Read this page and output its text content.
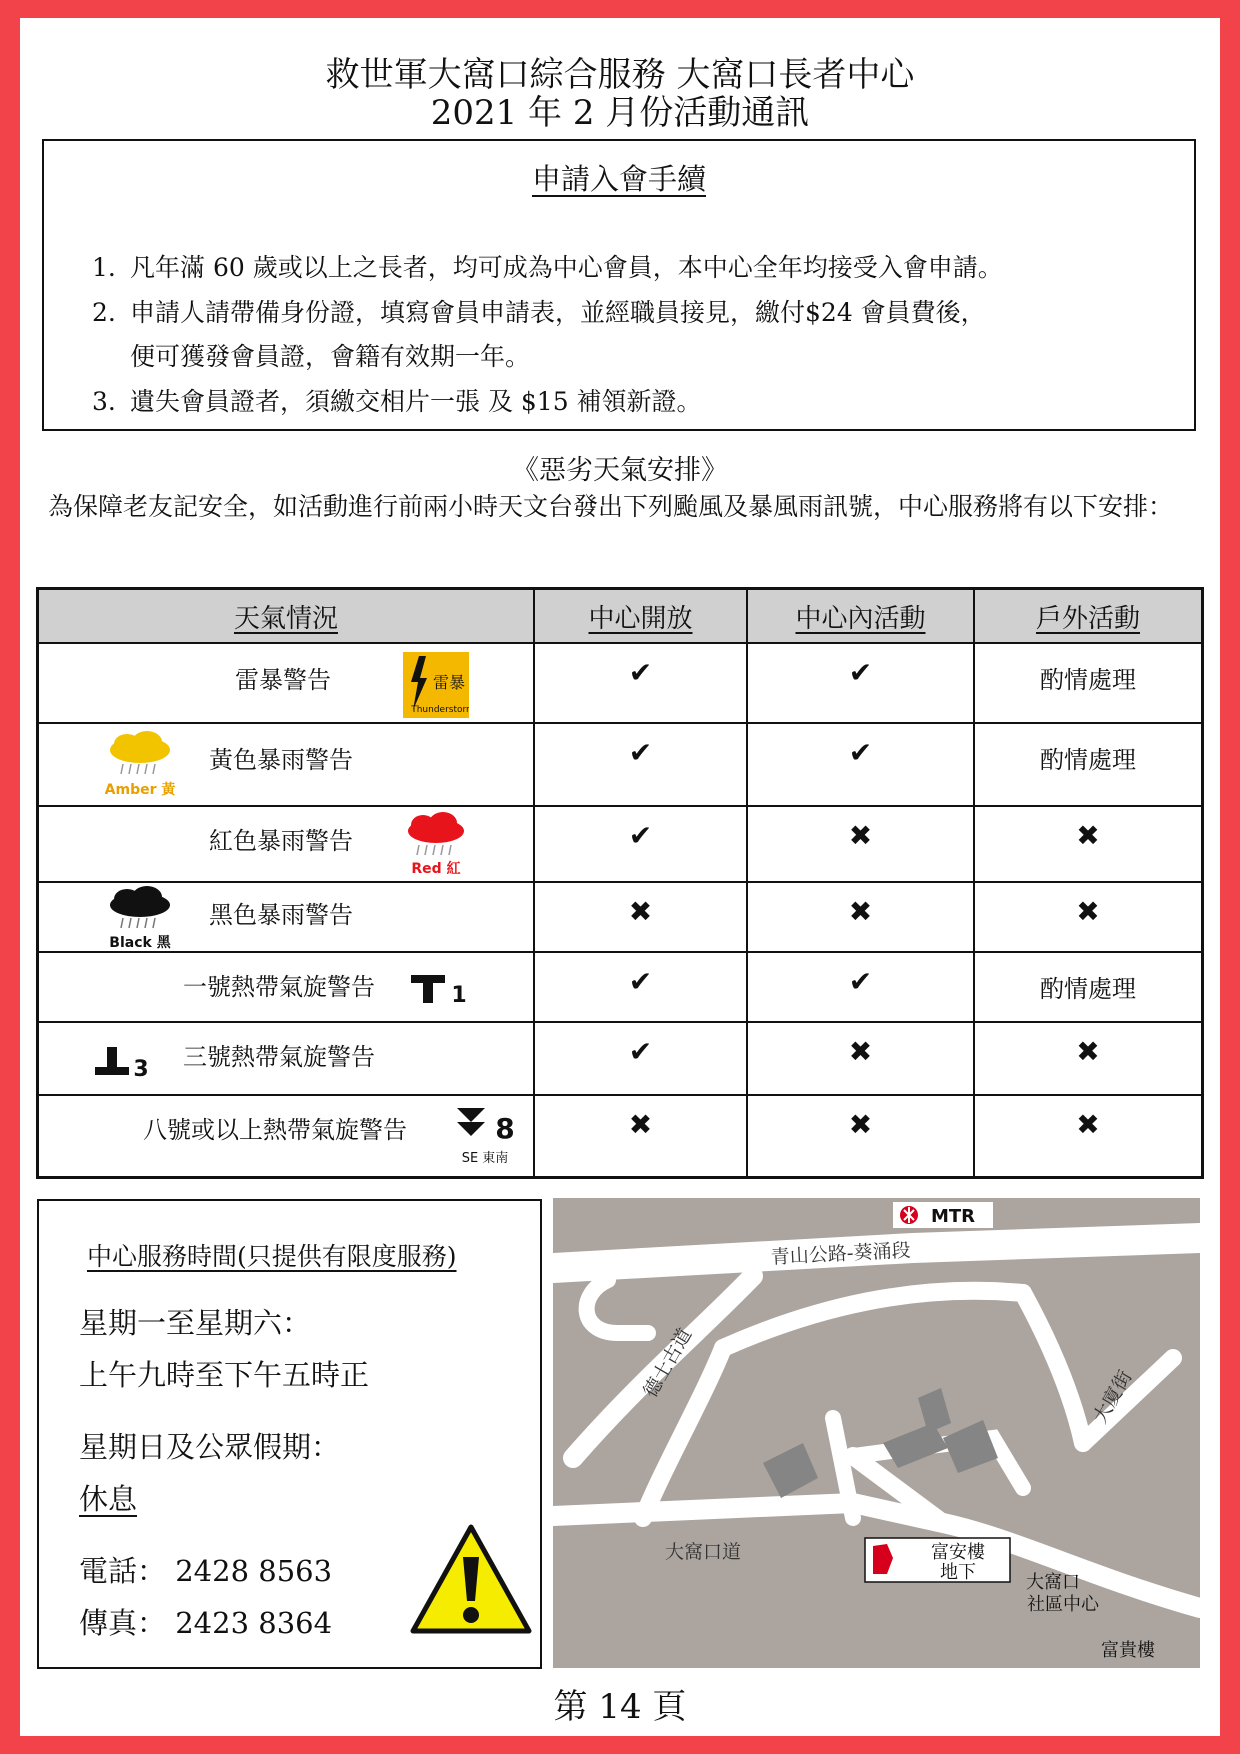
救世軍大窩口綜合服務 大窩口長者中心
2021 年 2 月份活動通訊
申請入會手續
1. 凡年滿 60 歲或以上之長者，均可成為中心會員，本中心全年均接受入會申請。
2. 申請人請帶備身份證，填寫會員申請表，並經職員接見，繳付$24 會員費後，
便可獲發會員證，會籍有效期一年。
3. 遺失會員證者，須繳交相片一張 及 $15 補領新證。
《惡劣天氣安排》
為保障老友記安全，如活動進行前兩小時天文台發出下列颱風及暴風雨訊號，中心服務將有以下安排：
天氣情況	中心開放	中心內活動	戶外活動

雷暴警告 雷暴
Thunderstorm	✔	✔	酌情處理

Amber 黃
黃色暴雨警告	✔	✔	酌情處理

紅色暴雨警告
Red 紅	✔	✖	✖

Black 黑
黑色暴雨警告	✖	✖	✖

一號熱帶氣旋警告 1	✔	✔	酌情處理

3 三號熱帶氣旋警告	✔	✖	✖

八號或以上熱帶氣旋警告 8
SE 東南	✖	✖	✖
中心服務時間(只提供有限度服務)
星期一至星期六：
上午九時至下午五時正
星期日及公眾假期：
休息
電話： 2428 8563
傳真： 2423 8364
MTR
青山公路-葵涌段
德士古道
大窩口道
大廈街
富安樓
地下	大窩口
社區中心
富貴樓
第 14 頁
